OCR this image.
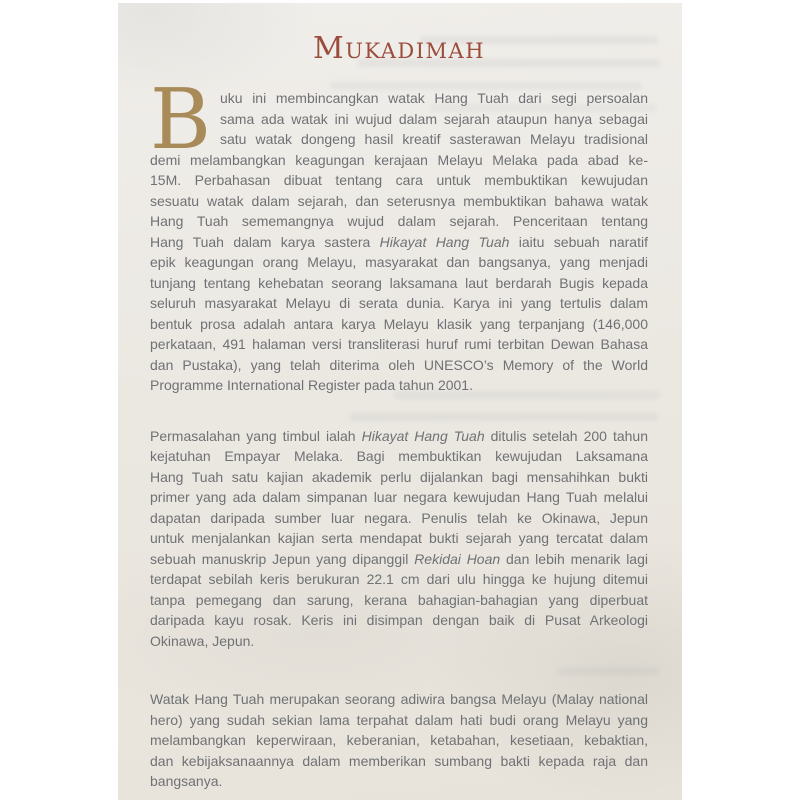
MUKADIMAH
B uku ini membincangkan watak Hang Tuah dari segi persoalan
sama ada watak ini wujud dalam sejarah ataupun hanya sebagai
satu watak dongeng hasil kreatif sasterawan Melayu tradisional
demi melambangkan keagungan kerajaan Melayu Melaka pada abad ke-
15M. Perbahasan dibuat tentang cara untuk membuktikan kewujudan
sesuatu watak dalam sejarah, dan seterusnya membuktikan bahawa watak
Hang Tuah sememangnya wujud dalam sejarah. Penceritaan tentang
Hang Tuah dalam karya sastera Hikayat Hang Tuah iaitu sebuah naratif
epik keagungan orang Melayu, masyarakat dan bangsanya, yang menjadi
tunjang tentang kehebatan seorang laksamana laut berdarah Bugis kepada
seluruh masyarakat Melayu di serata dunia. Karya ini yang tertulis dalam
bentuk prosa adalah antara karya Melayu klasik yang terpanjang (146,000
perkataan, 491 halaman versi transliterasi huruf rumi terbitan Dewan Bahasa
dan Pustaka), yang telah diterima oleh UNESCO’s Memory of the World
Programme International Register pada tahun 2001.
Permasalahan yang timbul ialah Hikayat Hang Tuah ditulis setelah 200 tahun
kejatuhan Empayar Melaka. Bagi membuktikan kewujudan Laksamana
Hang Tuah satu kajian akademik perlu dijalankan bagi mensahihkan bukti
primer yang ada dalam simpanan luar negara kewujudan Hang Tuah melalui
dapatan daripada sumber luar negara. Penulis telah ke Okinawa, Jepun
untuk menjalankan kajian serta mendapat bukti sejarah yang tercatat dalam
sebuah manuskrip Jepun yang dipanggil Rekidai Hoan dan lebih menarik lagi
terdapat sebilah keris berukuran 22.1 cm dari ulu hingga ke hujung ditemui
tanpa pemegang dan sarung, kerana bahagian-bahagian yang diperbuat
daripada kayu rosak. Keris ini disimpan dengan baik di Pusat Arkeologi
Okinawa, Jepun.
Watak Hang Tuah merupakan seorang adiwira bangsa Melayu (Malay national
hero) yang sudah sekian lama terpahat dalam hati budi orang Melayu yang
melambangkan keperwiraan, keberanian, ketabahan, kesetiaan, kebaktian,
dan kebijaksanaannya dalam memberikan sumbang bakti kepada raja dan
bangsanya.
